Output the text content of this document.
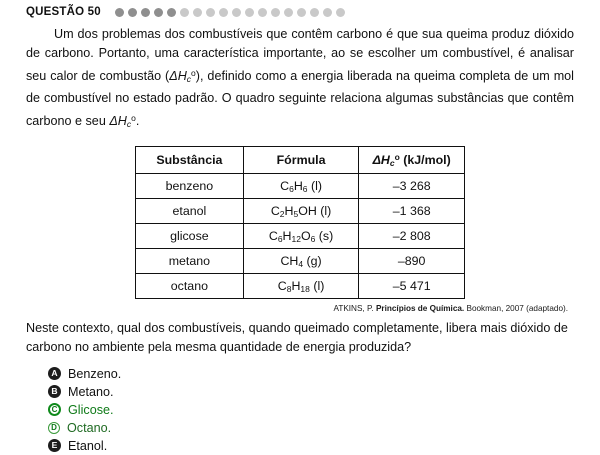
QUESTÃO 50
Um dos problemas dos combustíveis que contêm carbono é que sua queima produz dióxido de carbono. Portanto, uma característica importante, ao se escolher um combustível, é analisar seu calor de combustão $(\Delta H_c^o)$, definido como a energia liberada na queima completa de um mol de combustível no estado padrão. O quadro seguinte relaciona algumas substâncias que contêm carbono e seu $\Delta H_c^o$.
Substância	Fórmula	$\Delta H_c^o$ (kJ/mol)
benzeno	$C_6H_6$ (l)	–3 268
etanol	$C_2H_5OH$ (l)	–1 368
glicose	$C_6H_{12}O_6$ (s)	–2 808
metano	$CH_4$ (g)	–890
octano	$C_8H_{18}$ (l)	–5 471
ATKINS, P. Princípios de Química. Bookman, 2007 (adaptado).
Neste contexto, qual dos combustíveis, quando queimado completamente, libera mais dióxido de carbono no ambiente pela mesma quantidade de energia produzida?
A Benzeno.
B Metano.
C Glicose.
D Octano.
E Etanol.
